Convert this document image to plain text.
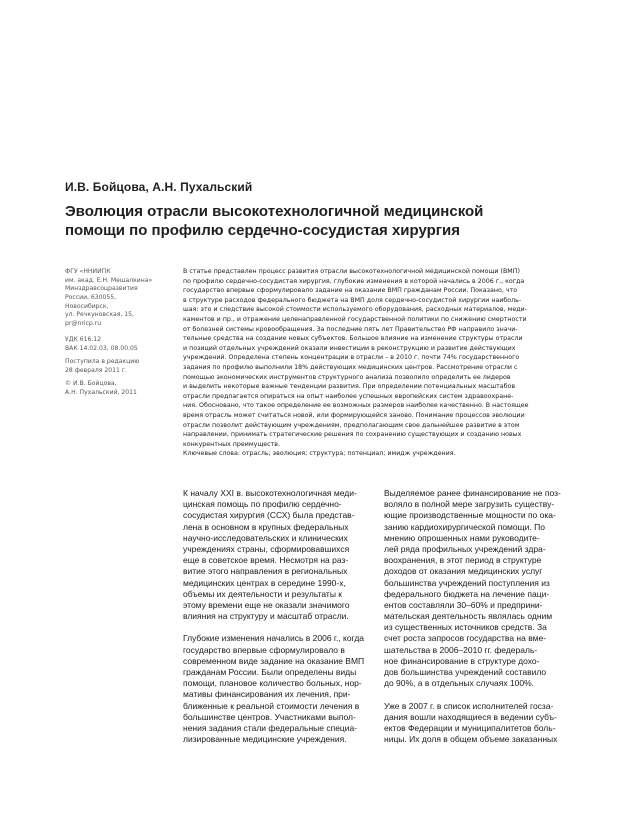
И.В. Бойцова, А.Н. Пухальский
Эволюция отрасли высокотехнологичной медицинской
помощи по профилю сердечно-сосудистая хирургия
ФГУ «ННИИПК
им. акад. Е.Н. Мешалкина»
Минздравсоцразвития
России, 630055,
Новосибирск,
ул. Речкуновская, 15,
pr@nricp.ru
УДК 616.12
ВАК 14.02.03, 08.00.05
Поступила в редакцию
28 февраля 2011 г.
© И.В. Бойцова,
А.Н. Пухальский, 2011
В статье представлен процесс развития отрасли высокотехнологичной медицинской помощи (ВМП)
по профилю сердечно-сосудистая хирургия, глубокие изменения в которой начались в 2006 г., когда
государство впервые сформулировало задание на оказание ВМП гражданам России. Показано, что
в структуре расходов федерального бюджета на ВМП доля сердечно-сосудистой хирургии наиболь-
шая: это и следствие высокой стоимости используемого оборудования, расходных материалов, меди-
каментов и пр., и отражение целенаправленной государственной политики по снижению смертности
от болезней системы кровообращения. За последние пять лет Правительство РФ направило значи-
тельные средства на создание новых субъектов. Большое влияние на изменение структуры отрасли
и позиций отдельных учреждений оказали инвестиции в реконструкцию и развитие действующих
учреждений. Определена степень концентрации в отрасли – в 2010 г. почти 74% государственного
задания по профилю выполнили 18% действующих медицинских центров. Рассмотрение отрасли с
помощью экономических инструментов структурного анализа позволило определить ее лидеров
и выделить некоторые важные тенденции развития. При определении потенциальных масштабов
отрасли предлагается опираться на опыт наиболее успешных европейских систем здравоохране-
ния. Обосновано, что такое определение ее возможных размеров наиболее качественно. В настоящее
время отрасль может считаться новой, или формирующейся заново. Понимание процессов эволюции
отрасли позволит действующим учреждениям, предполагающим свое дальнейшее развитие в этом
направлении, принимать стратегические решения по сохранению существующих и созданию новых
конкурентных преимуществ.
Ключевые слова: отрасль; эволюция; структура; потенциал; имидж учреждения.
К началу XXI в. высокотехнологичная меди-
цинская помощь по профилю сердечно-
сосудистая хирургия (ССХ) была представ-
лена в основном в крупных федеральных
научно-исследовательских и клинических
учреждениях страны, сформировавшихся
еще в советское время. Несмотря на раз-
витие этого направления в региональных
медицинских центрах в середине 1990-х,
объемы их деятельности и результаты к
этому времени еще не оказали значимого
влияния на структуру и масштаб отрасли.
Глубокие изменения начались в 2006 г., когда
государство впервые сформулировало в
современном виде задание на оказание ВМП
гражданам России. Были определены виды
помощи, плановое количество больных, нор-
мативы финансирования их лечения, при-
ближенные к реальной стоимости лечения в
большинстве центров. Участниками выпол-
нения задания стали федеральные специа-
лизированные медицинские учреждения.
Выделяемое ранее финансирование не поз-
воляло в полной мере загрузить существу-
ющие производственные мощности по ока-
занию кардиохирургической помощи. По
мнению опрошенных нами руководите-
лей ряда профильных учреждений здра-
воохранения, в этот период в структуре
доходов от оказания медицинских услуг
большинства учреждений поступления из
федерального бюджета на лечение паци-
ентов составляли 30–60% и предприни-
мательская деятельность являлась одним
из существенных источников средств. За
счет роста запросов государства на вме-
шательства в 2006–2010 гг. федераль-
ное финансирование в структуре дохо-
дов большинства учреждений составило
до 90%, а в отдельных случаях 100%.
Уже в 2007 г. в список исполнителей госза-
дания вошли находящиеся в ведении субъ-
ектов Федерации и муниципалитетов боль-
ницы. Их доля в общем объеме заказанных
